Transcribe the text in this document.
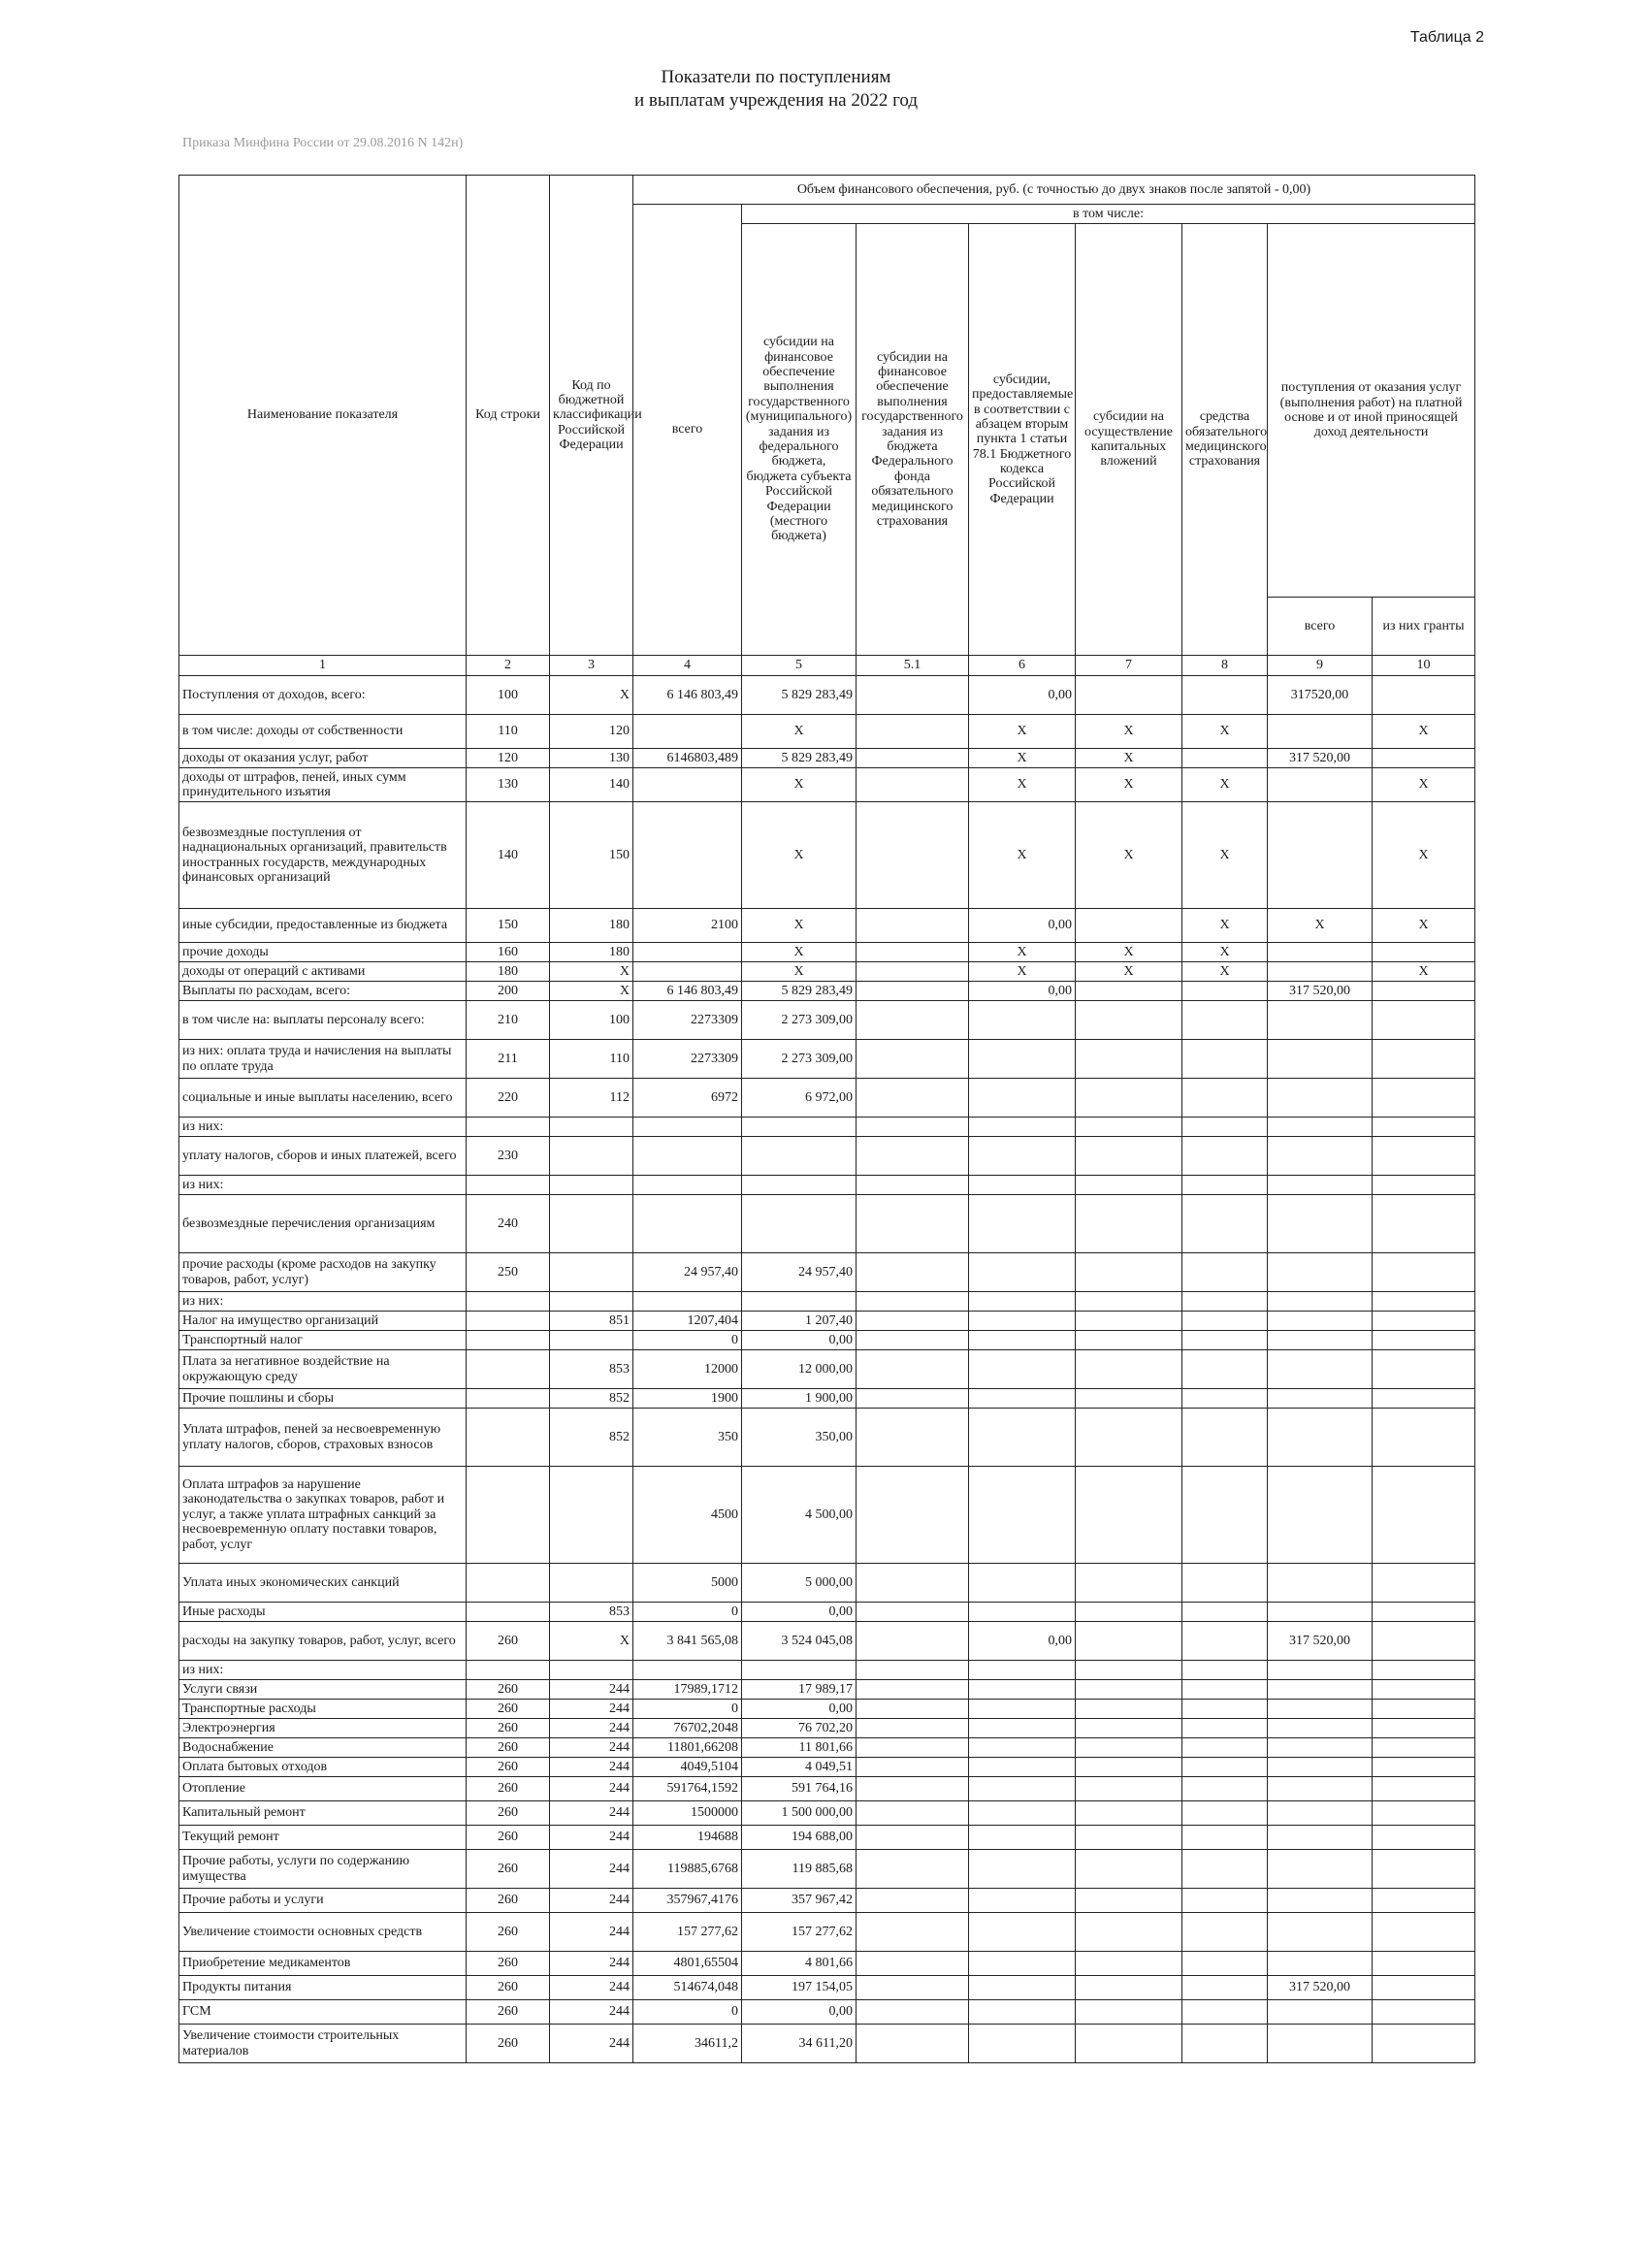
Таблица 2
Показатели по поступлениям
и выплатам учреждения на 2022 год
Приказа Минфина России от 29.08.2016 N 142н)
Наименование показателя	Код строки	Код по бюджетной классификации Российской Федерации	Объем финансового обеспечения, руб. (с точностью до двух знаков после запятой - 0,00)							
			всего	в том числе:						
				субсидии на финансовое обеспечение выполнения государственного (муниципального) задания из федерального бюджета, бюджета субъекта Российской Федерации (местного бюджета)	субсидии на финансовое обеспечение выполнения государственного задания из бюджета Федерального фонда обязательного медицинского страхования	субсидии, предоставляемые в соответствии с абзацем вторым пункта 1 статьи 78.1 Бюджетного кодекса Российской Федерации	субсидии на осуществление капитальных вложений	средства обязательного медицинского страхования	поступления от оказания услуг (выполнения работ) на платной основе и от иной приносящей доход деятельности	
									всего	из них гранты
1	2	3	4	5	5.1	6	7	8	9	10
Поступления от доходов, всего:	100	X	6 146 803,49	5 829 283,49		0,00			317520,00	
в том числе: доходы от собственности	110	120		X		X	X	X		X
доходы от оказания услуг, работ	120	130	6146803,489	5 829 283,49		X	X		317 520,00	
доходы от штрафов, пеней, иных сумм принудительного изъятия	130	140		X		X	X	X		X
безвозмездные поступления от наднациональных организаций, правительств иностранных государств, международных финансовых организаций	140	150		X		X	X	X		X
иные субсидии, предоставленные из бюджета	150	180	2100	X		0,00		X	X	X
прочие доходы	160	180		X		X	X	X		
доходы от операций с активами	180	X		X		X	X	X		X
Выплаты по расходам, всего:	200	X	6 146 803,49	5 829 283,49		0,00			317 520,00	
в том числе на: выплаты персоналу всего:	210	100	2273309	2 273 309,00						
из них: оплата труда и начисления на выплаты по оплате труда	211	110	2273309	2 273 309,00						
социальные и иные выплаты населению, всего	220	112	6972	6 972,00						
из них:										
уплату налогов, сборов и иных платежей, всего	230									
из них:										
безвозмездные перечисления организациям	240									
прочие расходы (кроме расходов на закупку товаров, работ, услуг)	250		24 957,40	24 957,40						
из них:										
Налог на имущество организаций		851	1207,404	1 207,40						
Транспортный налог			0	0,00						
Плата за негативное воздействие на окружающую среду		853	12000	12 000,00						
Прочие пошлины и сборы		852	1900	1 900,00						
Уплата штрафов, пеней за несвоевременную уплату налогов, сборов, страховых взносов		852	350	350,00						
Оплата штрафов за нарушение законодательства о закупках товаров, работ и услуг, а также уплата штрафных санкций за несвоевременную оплату поставки товаров, работ, услуг			4500	4 500,00						
Уплата иных экономических санкций			5000	5 000,00						
Иные расходы		853	0	0,00						
расходы на закупку товаров, работ, услуг, всего	260	X	3 841 565,08	3 524 045,08		0,00			317 520,00	
из них:										
Услуги связи	260	244	17989,1712	17 989,17						
Транспортные расходы	260	244	0	0,00						
Электроэнергия	260	244	76702,2048	76 702,20						
Водоснабжение	260	244	11801,66208	11 801,66						
Оплата бытовых отходов	260	244	4049,5104	4 049,51						
Отопление	260	244	591764,1592	591 764,16						
Капитальный ремонт	260	244	1500000	1 500 000,00						
Текущий ремонт	260	244	194688	194 688,00						
Прочие работы, услуги по содержанию имущества	260	244	119885,6768	119 885,68						
Прочие работы и услуги	260	244	357967,4176	357 967,42						
Увеличение стоимости основных средств	260	244	157 277,62	157 277,62						
Приобретение медикаментов	260	244	4801,65504	4 801,66						
Продукты питания	260	244	514674,048	197 154,05					317 520,00	
ГСМ	260	244	0	0,00						
Увеличение стоимости строительных материалов	260	244	34611,2	34 611,20						
